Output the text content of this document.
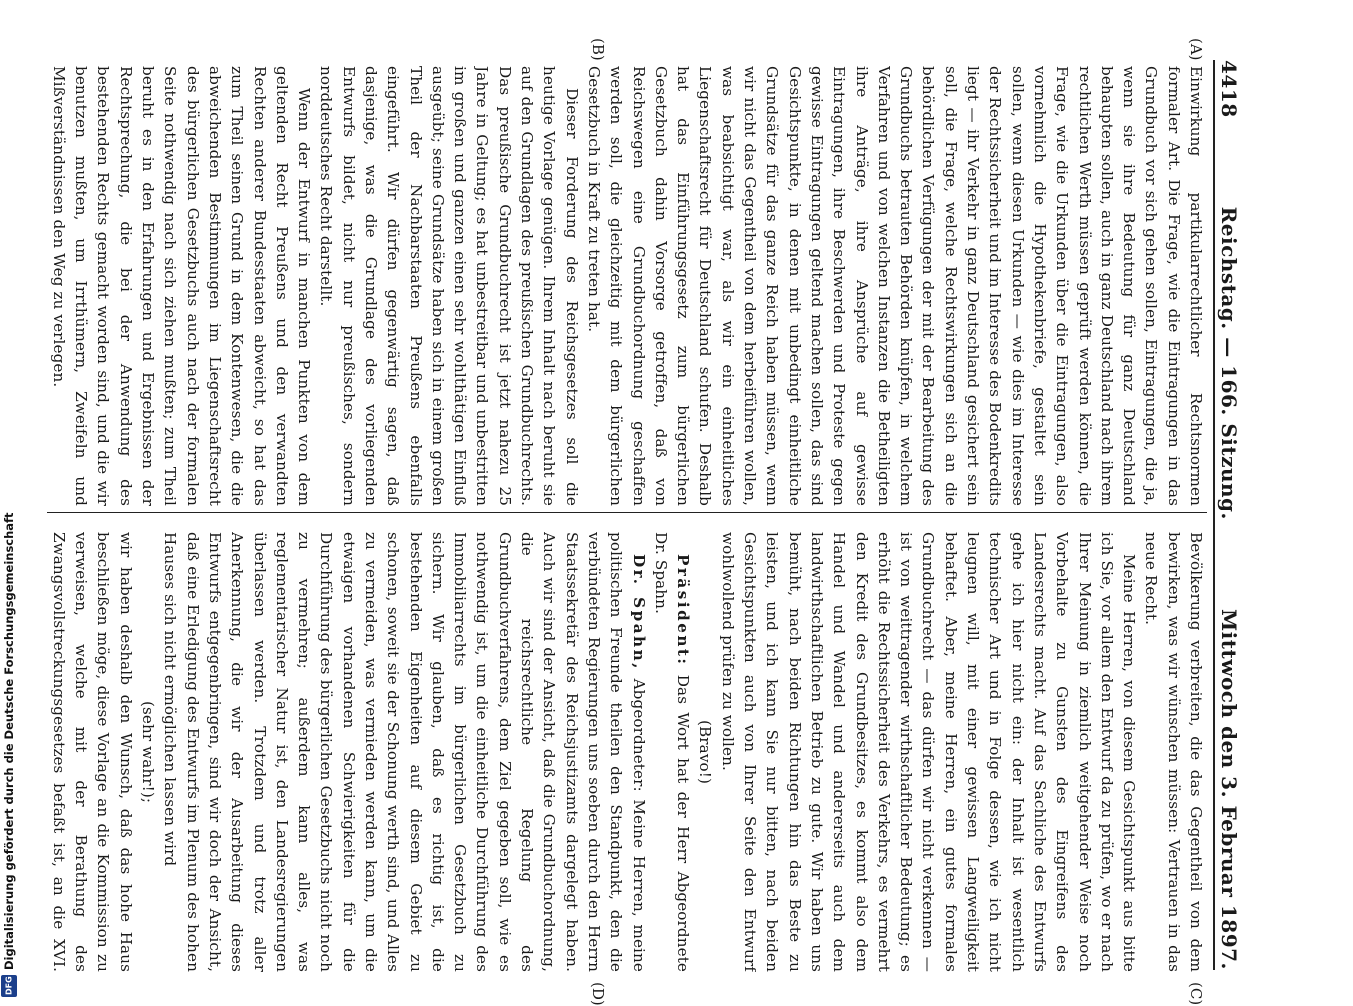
Digitalisierung gefördert durch die Deutsche Forschungsgemeinschaft
DFG
4418
Reichstag. — 166. Sitzung.
Mittwoch den 3. Februar 1897.
(A)
(B)
(C)
(D)

Einwirkung partikularrechtlicher Rechtsnormen formaler Art. Die Frage, wie die Eintragungen in das Grundbuch vor sich gehen sollen, Eintragungen, die ja, wenn sie ihre Bedeutung für ganz Deutschland behaupten sollen, auch in ganz Deutschland nach ihrem rechtlichen Werth müssen geprüft werden können, die Frage, wie die Urkunden über die Eintragungen, also vornehmlich die Hypothekenbriefe, gestaltet sein sollen, wenn diesen Urkunden — wie dies im Interesse der Rechtssicherheit und im Interesse des Bodenkredits liegt — ihr Verkehr in ganz Deutschland gesichert sein soll, die Frage, welche Rechtswirkungen sich an die behördlichen Verfügungen der mit der Bearbeitung des Grundbuchs betrauten Behörden knüpfen, in welchem Verfahren und von welchen Instanzen die Betheiligten ihre Anträge, ihre Ansprüche auf gewisse Eintragungen, ihre Beschwerden und Proteste gegen gewisse Eintragungen geltend machen sollen, das sind Gesichtspunkte, in denen mit unbedingt einheitliche Grundsätze für das ganze Reich haben müssen, wenn wir nicht das Gegentheil von dem herbeiführen wollen, was beabsichtigt war, als wir ein einheitliches Liegenschaftsrecht für Deutschland schufen. Deshalb hat das Einführungsgesetz zum bürgerlichen Gesetzbuch dahin Vorsorge getroffen, daß von Reichswegen eine Grundbuchordnung geschaffen werden soll, die gleichzeitig mit dem bürgerlichen Gesetzbuch in Kraft zu treten hat.

Dieser Forderung des Reichsgesetzes soll die heutige Vorlage genügen. Ihrem Inhalt nach beruht sie auf den Grundlagen des preußischen Grundbuchrechts. Das preußische Grundbuchrecht ist jetzt nahezu 25 Jahre in Geltung; es hat unbestreitbar und unbestritten im großen und ganzen einen sehr wohlthätigen Einfluß ausgeübt; seine Grundsätze haben sich in einem großen Theil der Nachbarstaaten Preußens ebenfalls eingeführt. Wir dürfen gegenwärtig sagen, daß dasjenige, was die Grundlage des vorliegenden Entwurfs bildet, nicht nur preußisches, sondern norddeutsches Recht darstellt.

Wenn der Entwurf in manchen Punkten von dem geltenden Recht Preußens und den verwandten Rechten anderer Bundesstaaten abweicht, so hat das zum Theil seinen Grund in dem Kontenwesen, die die abweichenden Bestimmungen im Liegenschaftsrecht des bürgerlichen Gesetzbuchs auch nach der formalen Seite nothwendig nach sich ziehen mußten; zum Theil beruht es in den Erfahrungen und Ergebnissen der Rechtsprechung, die bei der Anwendung des bestehenden Rechts gemacht worden sind, und die wir benutzen mußten, um Irrthümern, Zweifeln und Mißverständnissen den Weg zu verlegen.

Bevölkerung verbreiten, die das Gegentheil von dem bewirken, was wir wünschen müssen: Vertrauen in das neue Recht.

Meine Herren, von diesem Gesichtspunkt aus bitte ich Sie, vor allem den Entwurf da zu prüfen, wo er nach Ihrer Meinung in ziemlich weitgehender Weise noch Vorbehalte zu Gunsten des Eingreifens des Landesrechts macht. Auf das Sachliche des Entwurfs gehe ich hier nicht ein: der Inhalt ist wesentlich technischer Art und in Folge dessen, wie ich nicht leugnen will, mit einer gewissen Langweiligkeit behaftet. Aber, meine Herren, ein gutes formales Grundbuchrecht — das dürfen wir nicht verkennen — ist von weittragender wirthschaftlicher Bedeutung; es erhöht die Rechtssicherheit des Verkehrs, es vermehrt den Kredit des Grundbesitzes, es kommt also dem Handel und Wandel und andererseits auch dem landwirthschaftlichen Betrieb zu gute. Wir haben uns bemüht, nach beiden Richtungen hin das Beste zu leisten, und ich kann Sie nur bitten, nach beiden Gesichtspunkten auch von Ihrer Seite den Entwurf wohlwollend prüfen zu wollen.

(Bravo!)

Präsident: Das Wort hat der Herr Abgeordnete Dr. Spahn.

Dr. Spahn, Abgeordneter: Meine Herren, meine politischen Freunde theilen den Standpunkt, den die verbündeten Regierungen uns soeben durch den Herrn Staatssekretär des Reichsjustizamts dargelegt haben. Auch wir sind der Ansicht, daß die Grundbuchordnung, die reichsrechtliche Regelung des Grundbuchverfahrens, dem Ziel gegeben soll, wie es nothwendig ist, um die einheitliche Durchführung des Immobiliarrechts im bürgerlichen Gesetzbuch zu sichern. Wir glauben, daß es richtig ist, die bestehenden Eigenheiten auf diesem Gebiet zu schonen, soweit sie der Schonung werth sind, und Alles zu vermeiden, was vermieden werden kann, um die etwaigen vorhandenen Schwierigkeiten für die Durchführung des bürgerlichen Gesetzbuchs nicht noch zu vermehren; außerdem kann alles, was reglementarischer Natur ist, den Landesregierungen überlassen werden. Trotzdem und trotz aller Anerkennung, die wir der Ausarbeitung dieses Entwurfs entgegenbringen, sind wir doch der Ansicht, daß eine Erledigung des Entwurfs im Plenum des hohen Hauses sich nicht ermöglichen lassen wird

(sehr wahr!);

wir haben deshalb den Wunsch, daß das hohe Haus beschließen möge, diese Vorlage an die Kommission zu verweisen, welche mit der Berathung des Zwangsvollstreckungsgesetzes befaßt ist, an die XVI.
